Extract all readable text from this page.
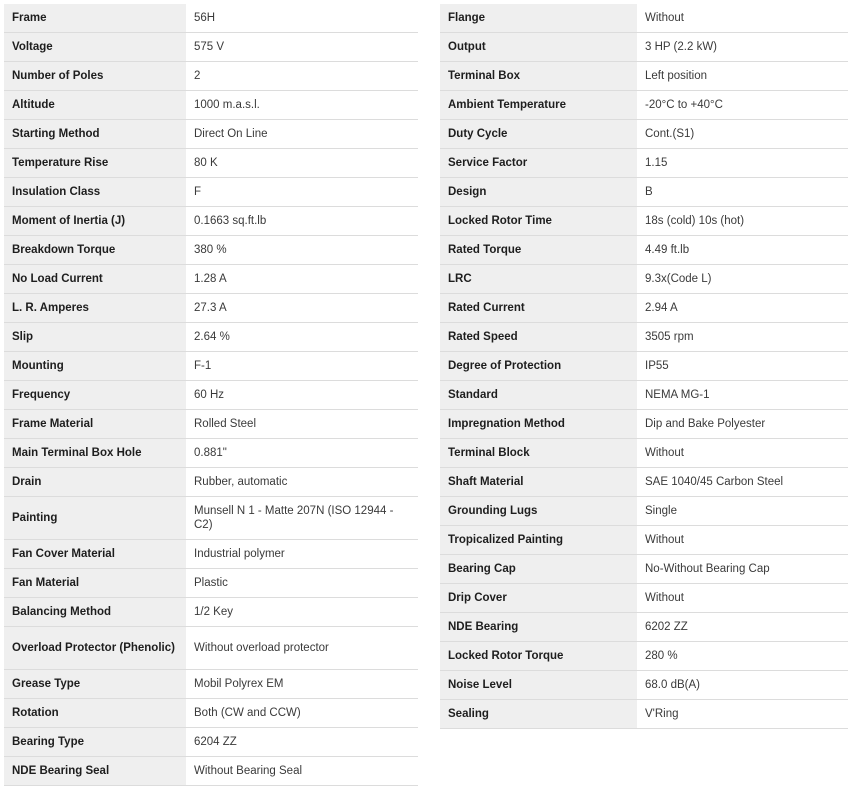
Frame	56H
Voltage	575 V
Number of Poles	2
Altitude	1000 m.a.s.l.
Starting Method	Direct On Line
Temperature Rise	80 K
Insulation Class	F
Moment of Inertia (J)	0.1663 sq.ft.lb
Breakdown Torque	380 %
No Load Current	1.28 A
L. R. Amperes	27.3 A
Slip	2.64 %
Mounting	F-1
Frequency	60 Hz
Frame Material	Rolled Steel
Main Terminal Box Hole	0.881"
Drain	Rubber, automatic
Painting	Munsell N 1 - Matte 207N (ISO 12944 - C2)
Fan Cover Material	Industrial polymer
Fan Material	Plastic
Balancing Method	1/2 Key
Overload Protector (Phenolic)	Without overload protector
Grease Type	Mobil Polyrex EM
Rotation	Both (CW and CCW)
Bearing Type	6204 ZZ
NDE Bearing Seal	Without Bearing Seal
Flange	Without
Output	3 HP (2.2 kW)
Terminal Box	Left position
Ambient Temperature	-20°C to +40°C
Duty Cycle	Cont.(S1)
Service Factor	1.15
Design	B
Locked Rotor Time	18s (cold) 10s (hot)
Rated Torque	4.49 ft.lb
LRC	9.3x(Code L)
Rated Current	2.94 A
Rated Speed	3505 rpm
Degree of Protection	IP55
Standard	NEMA MG-1
Impregnation Method	Dip and Bake Polyester
Terminal Block	Without
Shaft Material	SAE 1040/45 Carbon Steel
Grounding Lugs	Single
Tropicalized Painting	Without
Bearing Cap	No-Without Bearing Cap
Drip Cover	Without
NDE Bearing	6202 ZZ
Locked Rotor Torque	280 %
Noise Level	68.0 dB(A)
Sealing	V'Ring
